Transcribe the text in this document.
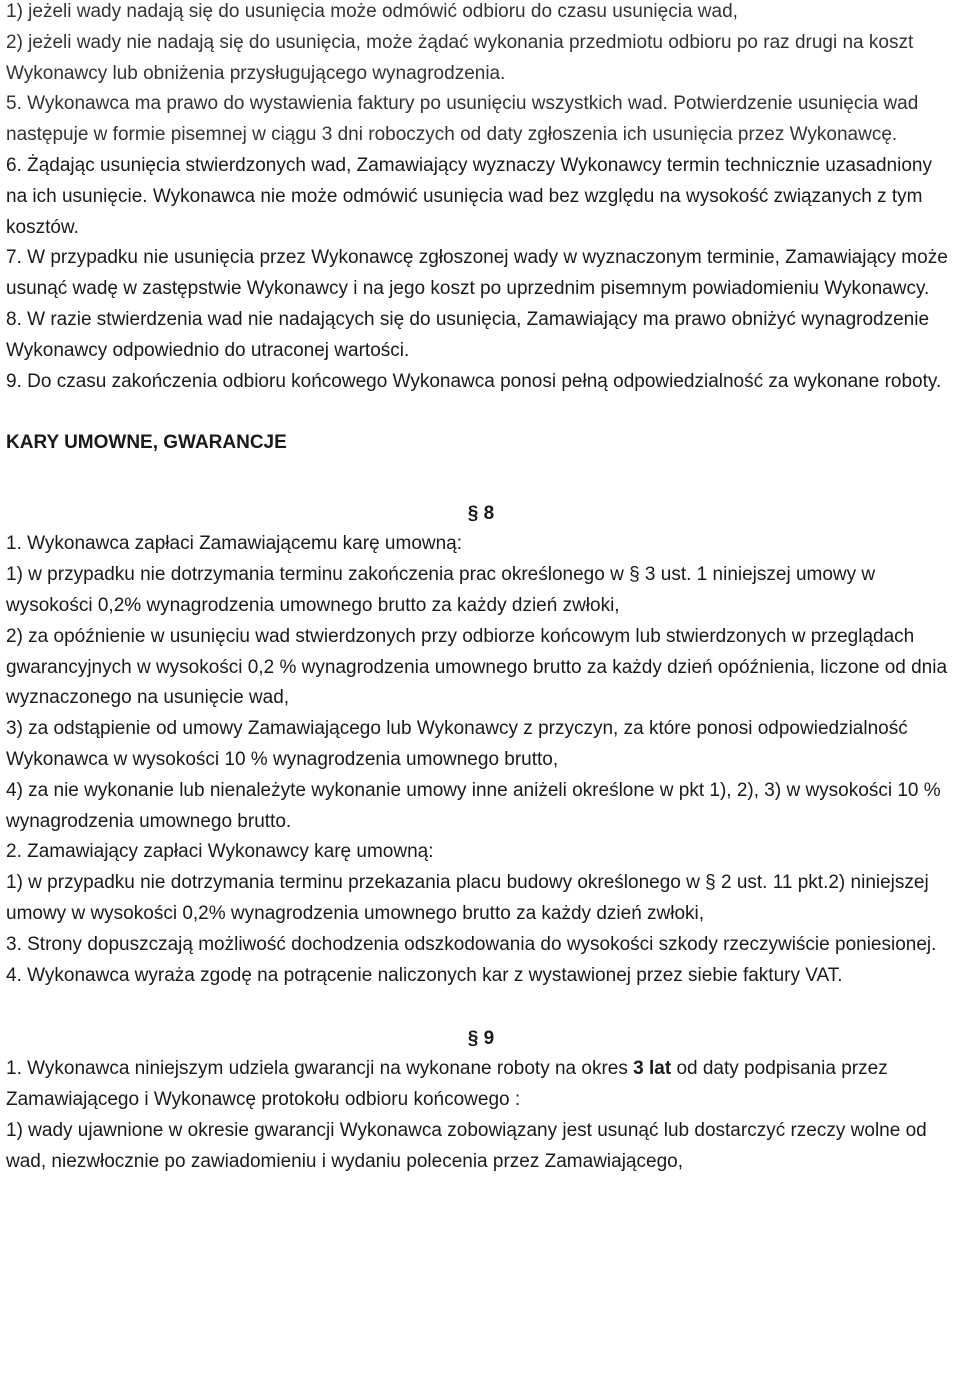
1) jeżeli wady nadają się do usunięcia może odmówić odbioru do czasu usunięcia wad,

2) jeżeli wady nie nadają się do usunięcia, może żądać wykonania przedmiotu odbioru po raz drugi na koszt Wykonawcy lub obniżenia przysługującego wynagrodzenia.

5. Wykonawca ma prawo do wystawienia faktury po usunięciu wszystkich wad. Potwierdzenie usunięcia wad następuje w formie pisemnej w ciągu 3 dni roboczych od daty zgłoszenia ich usunięcia przez Wykonawcę.

6. Żądając usunięcia stwierdzonych wad, Zamawiający wyznaczy Wykonawcy termin technicznie uzasadniony na ich usunięcie. Wykonawca nie może odmówić usunięcia wad bez względu na wysokość związanych z tym kosztów.

7. W przypadku nie usunięcia przez Wykonawcę zgłoszonej wady w wyznaczonym terminie, Zamawiający może usunąć wadę w zastępstwie Wykonawcy i na jego koszt po uprzednim pisemnym powiadomieniu Wykonawcy.

8. W razie stwierdzenia wad nie nadających się do usunięcia, Zamawiający ma prawo obniżyć wynagrodzenie Wykonawcy odpowiednio do utraconej wartości.

9. Do czasu zakończenia odbioru końcowego Wykonawca ponosi pełną odpowiedzialność za wykonane roboty.

KARY UMOWNE, GWARANCJE

§ 8

1. Wykonawca zapłaci Zamawiającemu karę umowną:

1) w przypadku nie dotrzymania terminu zakończenia prac określonego w § 3 ust. 1 niniejszej umowy w wysokości 0,2% wynagrodzenia umownego brutto za każdy dzień zwłoki,

2) za opóźnienie w usunięciu wad stwierdzonych przy odbiorze końcowym lub stwierdzonych w przeglądach gwarancyjnych w wysokości 0,2 % wynagrodzenia umownego brutto za każdy dzień opóźnienia, liczone od dnia wyznaczonego na usunięcie wad,

3) za odstąpienie od umowy Zamawiającego lub Wykonawcy z przyczyn, za które ponosi odpowiedzialność Wykonawca w wysokości 10 % wynagrodzenia umownego brutto,

4) za nie wykonanie lub nienależyte wykonanie umowy inne aniżeli określone w pkt 1), 2), 3) w wysokości 10 % wynagrodzenia umownego brutto.

2. Zamawiający zapłaci Wykonawcy karę umowną:

1) w przypadku nie dotrzymania terminu przekazania placu budowy określonego w § 2 ust. 11 pkt.2) niniejszej umowy w wysokości 0,2% wynagrodzenia umownego brutto za każdy dzień zwłoki,

3. Strony dopuszczają możliwość dochodzenia odszkodowania do wysokości szkody rzeczywiście poniesionej.

4. Wykonawca wyraża zgodę na potrącenie naliczonych kar z wystawionej przez siebie faktury VAT.

§ 9

1. Wykonawca niniejszym udziela gwarancji na wykonane roboty na okres 3 lat od daty podpisania przez Zamawiającego i Wykonawcę protokołu odbioru końcowego :

1) wady ujawnione w okresie gwarancji Wykonawca zobowiązany jest usunąć lub dostarczyć rzeczy wolne od wad, niezwłocznie po zawiadomieniu i wydaniu polecenia przez Zamawiającego,
